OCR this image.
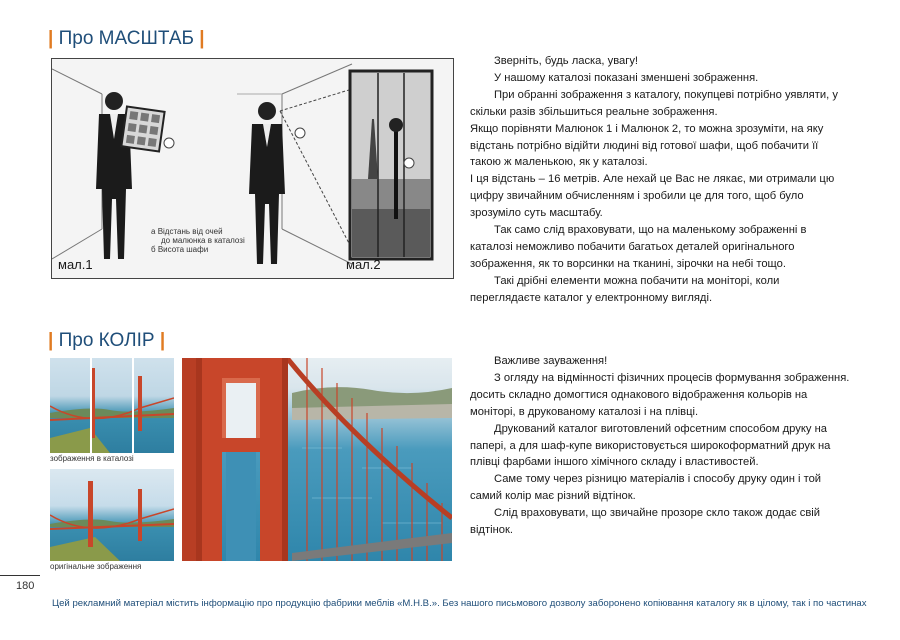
| Про МАСШТАБ |
а Відстань від очей
до малюнка в каталозі
б Висота шафи
мал.1	мал.2

Зверніть, будь ласка, увагу!

У нашому каталозі показані зменшені зображення.

При обранні зображення з каталогу, покупцеві потрібно уявляти, у скільки разів збільшиться реальне зображення.

Якщо порівняти Малюнок 1 і Малюнок 2, то можна зрозуміти, на яку відстань потрібно відійти людині від готової шафи, щоб побачити її такою ж маленькою, як у каталозі.

І ця відстань – 16 метрів. Але нехай це Вас не лякає, ми отримали цю цифру звичайним обчисленням і зробили це для того, щоб було зрозуміло суть масштабу.

Так само слід враховувати, що на маленькому зображенні в каталозі неможливо побачити багатьох деталей оригінального зображення, як то ворсинки на тканині, зірочки на небі тощо.

Такі дрібні елементи можна побачити на моніторі, коли переглядаєте каталог у електронному вигляді.

| Про КОЛІР |
зображення в каталозі
оригінальне зображення

Важливе зауваження!

З огляду на відмінності фізичних процесів формування зображення. досить складно домогтися однакового відображення кольорів на моніторі, в друкованому каталозі і на плівці.

Друкований каталог виготовлений офсетним способом друку на папері, а для шаф-купе використовується широкоформатний друк на плівці фарбами іншого хімічного складу і властивостей.

Саме тому через різницю матеріалів і способу друку один і той самий колір має різний відтінок.

Слід враховувати, що звичайне прозоре скло також додає свій відтінок.

180
Цей рекламний матеріал містить інформацію про продукцію фабрики меблів «М.Н.В.». Без нашого письмового дозволу заборонено копіювання каталогу як в цілому, так і по частинах
